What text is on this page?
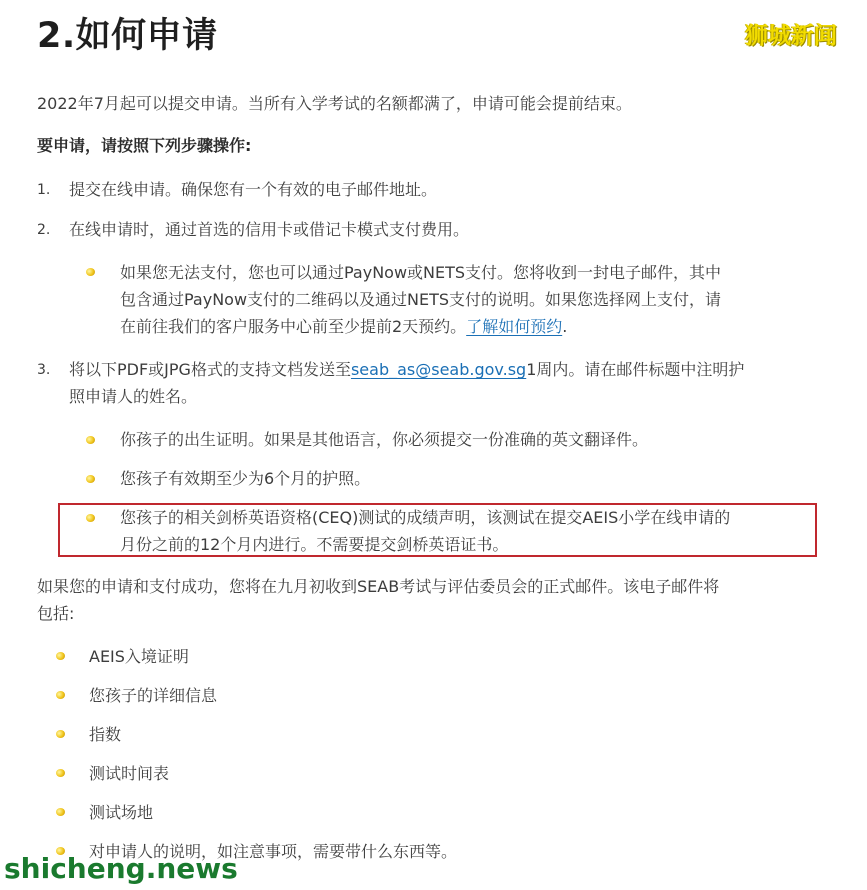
2.如何申请	狮城新闻
2022年7月起可以提交申请。当所有入学考试的名额都满了，申请可能会提前结束。
要申请，请按照下列步骤操作:
1. 提交在线申请。确保您有一个有效的电子邮件地址。
2. 在线申请时，通过首选的信用卡或借记卡模式支付费用。
如果您无法支付，您也可以通过PayNow或NETS支付。您将收到一封电子邮件，其中
包含通过PayNow支付的二维码以及通过NETS支付的说明。如果您选择网上支付，请
在前往我们的客户服务中心前至少提前2天预约。了解如何预约.
3. 将以下PDF或JPG格式的支持文档发送至seab_as@seab.gov.sg1周内。请在邮件标题中注明护
照申请人的姓名。
你孩子的出生证明。如果是其他语言，你必须提交一份准确的英文翻译件。
您孩子有效期至少为6个月的护照。
您孩子的相关剑桥英语资格(CEQ)测试的成绩声明，该测试在提交AEIS小学在线申请的
月份之前的12个月内进行。不需要提交剑桥英语证书。
如果您的申请和支付成功，您将在九月初收到SEAB考试与评估委员会的正式邮件。该电子邮件将
包括:
AEIS入境证明
您孩子的详细信息
指数
测试时间表
测试场地
对申请人的说明，如注意事项，需要带什么东西等。
shicheng.news
